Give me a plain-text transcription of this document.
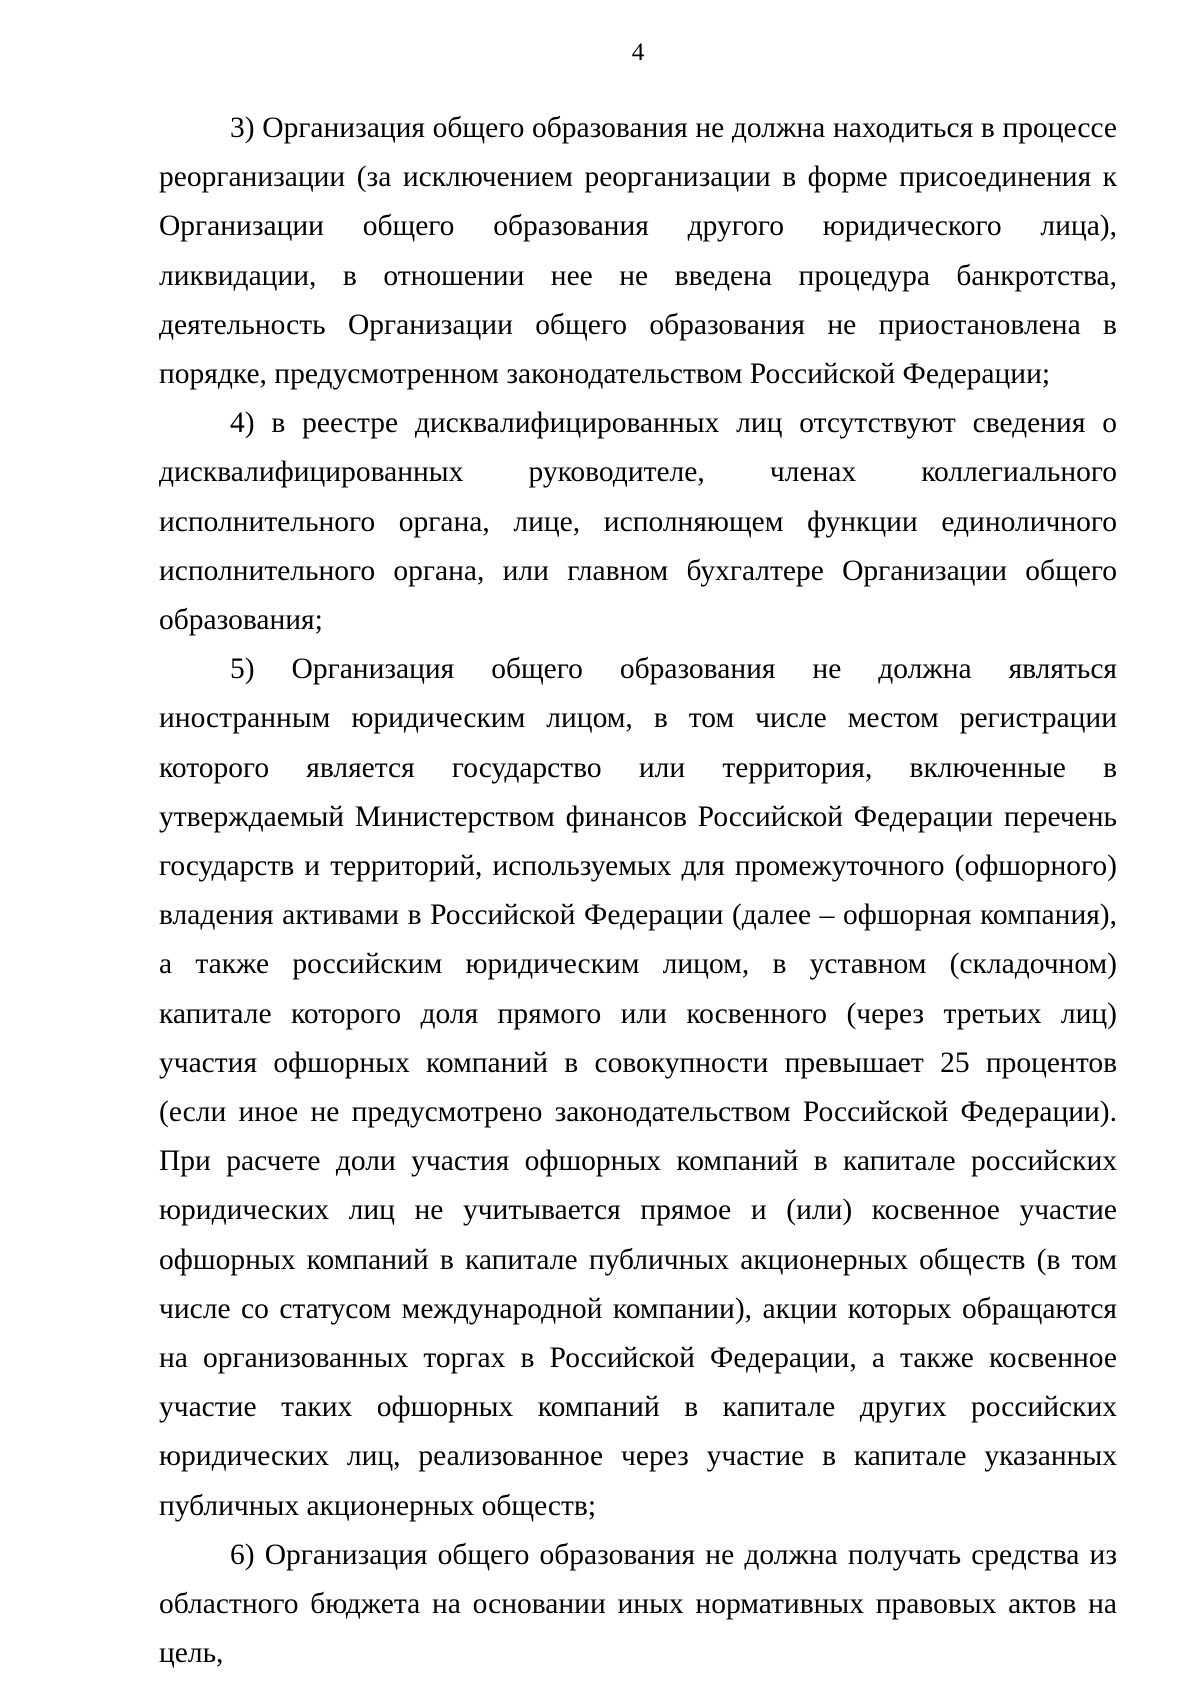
4

3) Организация общего образования не должна находиться в процессе реорганизации (за исключением реорганизации в форме присоединения к Организации общего образования другого юридического лица), ликвидации, в отношении нее не введена процедура банкротства, деятельность Организации общего образования не приостановлена в порядке, предусмотренном законодательством Российской Федерации;

4) в реестре дисквалифицированных лиц отсутствуют сведения о дисквалифицированных руководителе, членах коллегиального исполнительного органа, лице, исполняющем функции единоличного исполнительного органа, или главном бухгалтере Организации общего образования;

5) Организация общего образования не должна являться иностранным юридическим лицом, в том числе местом регистрации которого является государство или территория, включенные в утверждаемый Министерством финансов Российской Федерации перечень государств и территорий, используемых для промежуточного (офшорного) владения активами в Российской Федерации (далее – офшорная компания), а также российским юридическим лицом, в уставном (складочном) капитале которого доля прямого или косвенного (через третьих лиц) участия офшорных компаний в совокупности превышает 25 процентов (если иное не предусмотрено законодательством Российской Федерации). При расчете доли участия офшорных компаний в капитале российских юридических лиц не учитывается прямое и (или) косвенное участие офшорных компаний в капитале публичных акционерных обществ (в том числе со статусом международной компании), акции которых обращаются на организованных торгах в Российской Федерации, а также косвенное участие таких офшорных компаний в капитале других российских юридических лиц, реализованное через участие в капитале указанных публичных акционерных обществ;

6) Организация общего образования не должна получать средства из областного бюджета на основании иных нормативных правовых актов на цель,
